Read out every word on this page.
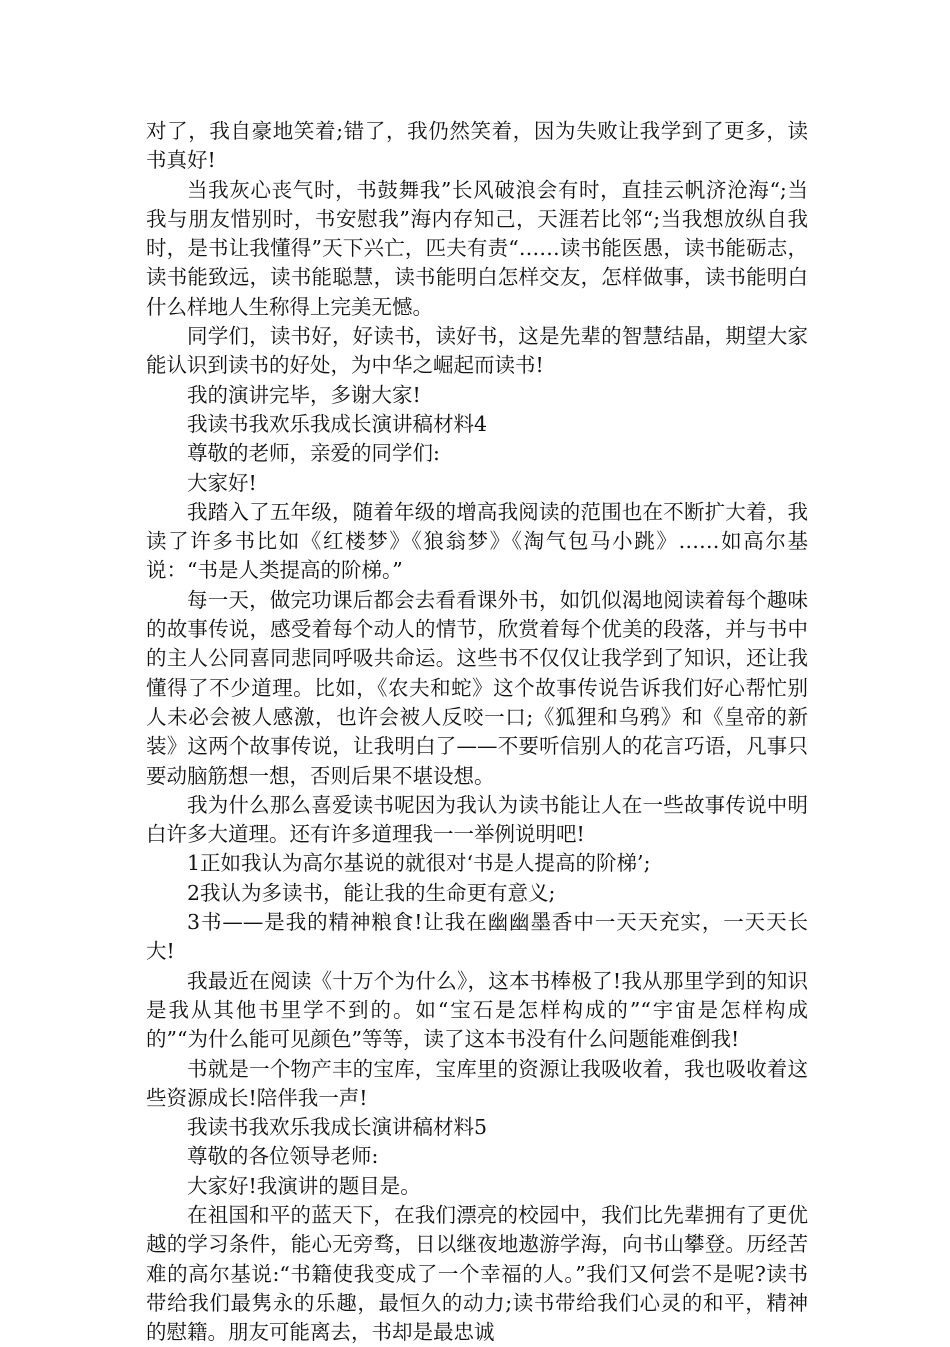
对了，我自豪地笑着;错了，我仍然笑着，因为失败让我学到了更多，读书真好!

当我灰心丧气时，书鼓舞我”长风破浪会有时，直挂云帆济沧海“;当我与朋友惜别时，书安慰我”海内存知己，天涯若比邻“;当我想放纵自我时，是书让我懂得”天下兴亡，匹夫有责“……读书能医愚，读书能砺志，读书能致远，读书能聪慧，读书能明白怎样交友，怎样做事，读书能明白什么样地人生称得上完美无憾。

同学们，读书好，好读书，读好书，这是先辈的智慧结晶，期望大家能认识到读书的好处，为中华之崛起而读书!

我的演讲完毕，多谢大家!

我读书我欢乐我成长演讲稿材料4

尊敬的老师，亲爱的同学们:

大家好!

我踏入了五年级，随着年级的增高我阅读的范围也在不断扩大着，我读了许多书比如《红楼梦》《狼翁梦》《淘气包马小跳》……如高尔基说：“书是人类提高的阶梯。”

每一天，做完功课后都会去看看课外书，如饥似渴地阅读着每个趣味的故事传说，感受着每个动人的情节，欣赏着每个优美的段落，并与书中的主人公同喜同悲同呼吸共命运。这些书不仅仅让我学到了知识，还让我懂得了不少道理。比如，《农夫和蛇》这个故事传说告诉我们好心帮忙别人未必会被人感激，也许会被人反咬一口;《狐狸和乌鸦》和《皇帝的新装》这两个故事传说，让我明白了——不要听信别人的花言巧语，凡事只要动脑筋想一想，否则后果不堪设想。

我为什么那么喜爱读书呢因为我认为读书能让人在一些故事传说中明白许多大道理。还有许多道理我一一举例说明吧!

1正如我认为高尔基说的就很对‘书是人提高的阶梯’;

2我认为多读书，能让我的生命更有意义;

3书——是我的精神粮食!让我在幽幽墨香中一天天充实，一天天长大!

我最近在阅读《十万个为什么》，这本书棒极了!我从那里学到的知识是我从其他书里学不到的。如“宝石是怎样构成的”“宇宙是怎样构成的”“为什么能可见颜色”等等，读了这本书没有什么问题能难倒我!

书就是一个物产丰的宝库，宝库里的资源让我吸收着，我也吸收着这些资源成长!陪伴我一声!

我读书我欢乐我成长演讲稿材料5

尊敬的各位领导老师:

大家好!我演讲的题目是。

在祖国和平的蓝天下，在我们漂亮的校园中，我们比先辈拥有了更优越的学习条件，能心无旁骛，日以继夜地遨游学海，向书山攀登。历经苦难的高尔基说:“书籍使我变成了一个幸福的人。”我们又何尝不是呢?读书带给我们最隽永的乐趣，最恒久的动力;读书带给我们心灵的和平，精神的慰籍。朋友可能离去，书却是最忠诚
